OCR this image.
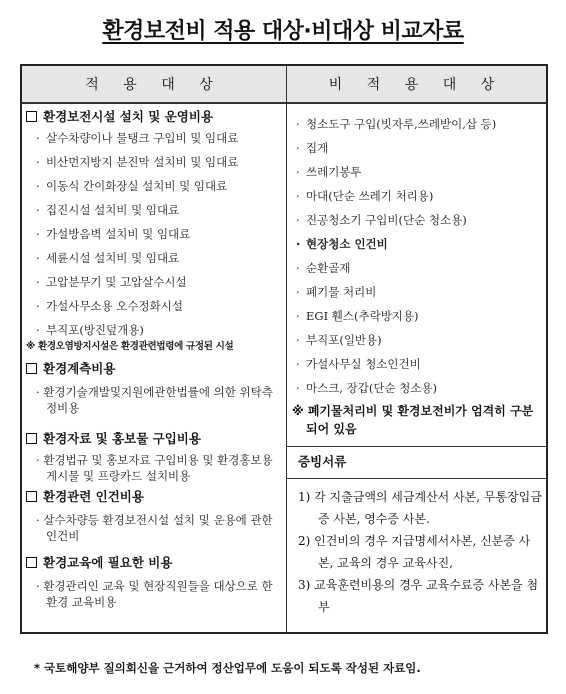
환경보전비 적용 대상·비대상 비교자료
적 용 대 상	비 적 용 대 상
환경보전시설 설치 및 운영비용
· 살수차량이나 물탱크 구입비 및 임대료
· 비산먼지방지 분진막 설치비 및 임대료
· 이동식 간이화장실 설치비 및 임대료
· 집진시설 설치비 및 임대료
· 가설방음벽 설치비 및 임대료
· 세륜시설 설치비 및 임대료
· 고압분무기 및 고압살수시설
· 가설사무소용 오수정화시설
· 부직포(방진덮개용)
※ 환경오염방지시설은 환경관련법령에 규정된 시설
환경계측비용
· 환경기술개발및지원에관한법률에 의한 위탁측정비용
환경자료 및 홍보물 구입비용
· 환경법규 및 홍보자료 구입비용 및 환경홍보용 게시물 및 프랑카드 설치비용
환경관련 인건비용
· 살수차량등 환경보전시설 설치 및 운용에 관한 인건비
환경교육에 필요한 비용
· 환경관리인 교육 및 현장직원들을 대상으로 한 환경 교육비용
· 청소도구 구입(빗자루,쓰레받이,삽 등)
· 집게
· 쓰레기봉투
· 마대(단순 쓰레기 처리용)
· 진공청소기 구입비(단순 청소용)
· 현장청소 인건비
· 순환골재
· 폐기물 처리비
· EGI 휀스(추락방지용)
· 부직포(일반용)
· 가설사무실 청소인건비
· 마스크, 장갑(단순 청소용)
※ 폐기물처리비 및 환경보전비가 엄격히 구분되어 있음
증빙서류
1) 각 지출금액의 세금계산서 사본, 무통장입금증 사본, 영수증 사본.
2) 인건비의 경우 지급명세서사본, 신분증 사본, 교육의 경우 교육사진,
3) 교육훈련비용의 경우 교육수료증 사본을 첨부
* 국토해양부 질의회신을 근거하여 정산업무에 도움이 되도록 작성된 자료임.
